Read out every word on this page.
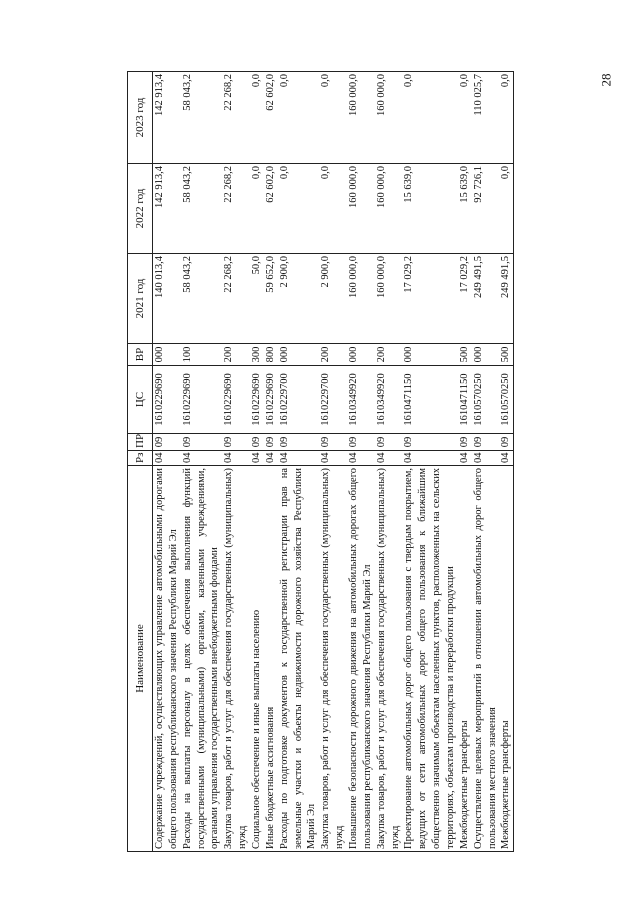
28
Наименование	Рз	ПР	ЦС	ВР	2021 год	2022 год	2023 год
Содержание учреждений, осуществляющих управление автомобильными дорогами общего пользования республиканского значения Республики Марий Эл	04	09	1610229690	000	140 013,4	142 913,4	142 913,4
Расходы на выплаты персоналу в целях обеспечения выполнения функций государственными (муниципальными) органами, казенными учреждениями, органами управления государственными внебюджетными фондами	04	09	1610229690	100	58 043,2	58 043,2	58 043,2
Закупка товаров, работ и услуг для обеспечения государственных (муниципальных) нужд	04	09	1610229690	200	22 268,2	22 268,2	22 268,2
Социальное обеспечение и иные выплаты населению	04	09	1610229690	300	50,0	0,0	0,0
Иные бюджетные ассигнования	04	09	1610229690	800	59 652,0	62 602,0	62 602,0
Расходы по подготовке документов к государственной регистрации прав на земельные участки и объекты недвижимости дорожного хозяйства Республики Марий Эл	04	09	1610229700	000	2 900,0	0,0	0,0
Закупка товаров, работ и услуг для обеспечения государственных (муниципальных) нужд	04	09	1610229700	200	2 900,0	0,0	0,0
Повышение безопасности дорожного движения на автомобильных дорогах общего пользования республиканского значения Республики Марий Эл	04	09	1610349920	000	160 000,0	160 000,0	160 000,0
Закупка товаров, работ и услуг для обеспечения государственных (муниципальных) нужд	04	09	1610349920	200	160 000,0	160 000,0	160 000,0
Проектирование автомобильных дорог общего пользования с твердым покрытием, ведущих от сети автомобильных дорог общего пользования к ближайшим общественно значимым объектам населенных пунктов, расположенных на сельских территориях, объектам производства и переработки продукции	04	09	1610471150	000	17 029,2	15 639,0	0,0
Межбюджетные трансферты	04	09	1610471150	500	17 029,2	15 639,0	0,0
Осуществление целевых мероприятий в отношении автомобильных дорог общего пользования местного значения	04	09	1610570250	000	249 491,5	92 726,1	110 025,7
Межбюджетные трансферты	04	09	1610570250	500	249 491,5	0,0	0,0
